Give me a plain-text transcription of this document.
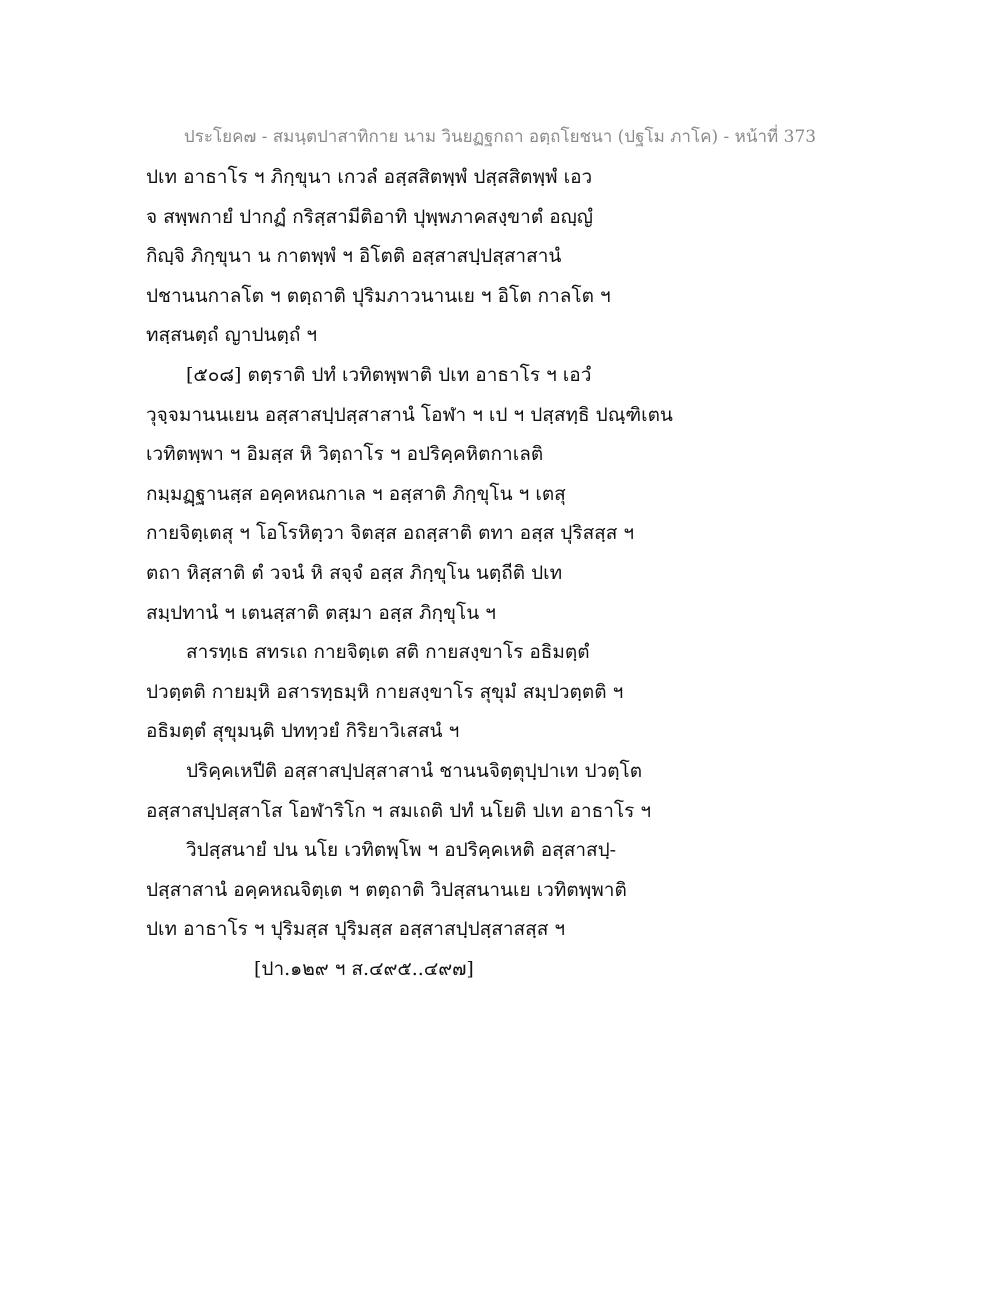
ประโยค๗ - สมนฺตปาสาทิกาย นาม วินยฏฐกถา อตฺถโยชนา (ปฐโม ภาโค) - หน้าที่ 373
ปเท อาธาโร ฯ ภิกฺขุนา เกวลํ อสฺสสิตพฺพํ ปสฺสสิตพฺพํ เอว
จ สพฺพกายํ ปากฏํ กริสฺสามีติอาทิ ปุพฺพภาคสงฺขาตํ อญฺญํ
กิญฺจิ ภิกฺขุนา น กาตพฺพํ ฯ อิโตติ อสฺสาสปฺปสฺสาสานํ
ปชานนกาลโต ฯ ตตฺถาติ ปุริมภาวนานเย ฯ อิโต กาลโต ฯ
ทสฺสนตฺถํ ญาปนตฺถํ ฯ
[๕๐๘] ตตฺราติ ปทํ เวทิตพฺพาติ ปเท อาธาโร ฯ เอวํ
วุจฺจมานนเยน อสฺสาสปฺปสฺสาสานํ โอฬา ฯ เป ฯ ปสฺสทฺธิ ปณฺฑิเตน
เวทิตพฺพา ฯ อิมสฺส หิ วิตฺถาโร ฯ อปริคฺคหิตกาเลติ
กมฺมฏฺฐานสฺส อคฺคหณกาเล ฯ อสฺสาติ ภิกฺขุโน ฯ เตสุ
กายจิตฺเตสุ ฯ โอโรหิตฺวา จิตสฺส อถสฺสาติ ตทา อสฺส ปุริสสฺส ฯ
ตถา หิสฺสาติ ตํ วจนํ หิ สจฺจํ อสฺส ภิกฺขุโน นตฺถีติ ปเท
สมฺปทานํ ฯ เตนสฺสาติ ตสฺมา อสฺส ภิกฺขุโน ฯ
สารทฺเธ สทรเถ กายจิตฺเต สติ กายสงฺขาโร อธิมตฺตํ
ปวตฺตติ กายมฺหิ อสารทฺธมฺหิ กายสงฺขาโร สุขุมํ สมฺปวตฺตติ ฯ
อธิมตฺตํ สุขุมนฺติ ปททฺวยํ กิริยาวิเสสนํ ฯ
ปริคฺคเหปีติ อสฺสาสปฺปสฺสาสานํ ชานนจิตฺตุปฺปาเท ปวตฺโต
อสฺสาสปฺปสฺสาโส โอฬาริโก ฯ สมเถติ ปทํ นโยติ ปเท อาธาโร ฯ
วิปสฺสนายํ ปน นโย เวทิตพฺโพ ฯ อปริคฺคเหติ อสฺสาสปฺ-
ปสฺสาสานํ อคฺคหณจิตฺเต ฯ ตตฺถาติ วิปสฺสนานเย เวทิตพฺพาติ
ปเท อาธาโร ฯ ปุริมสฺส ปุริมสฺส อสฺสาสปฺปสฺสาสสฺส ฯ
[ปา.๑๒๙ ฯ ส.๔๙๕..๔๙๗]
